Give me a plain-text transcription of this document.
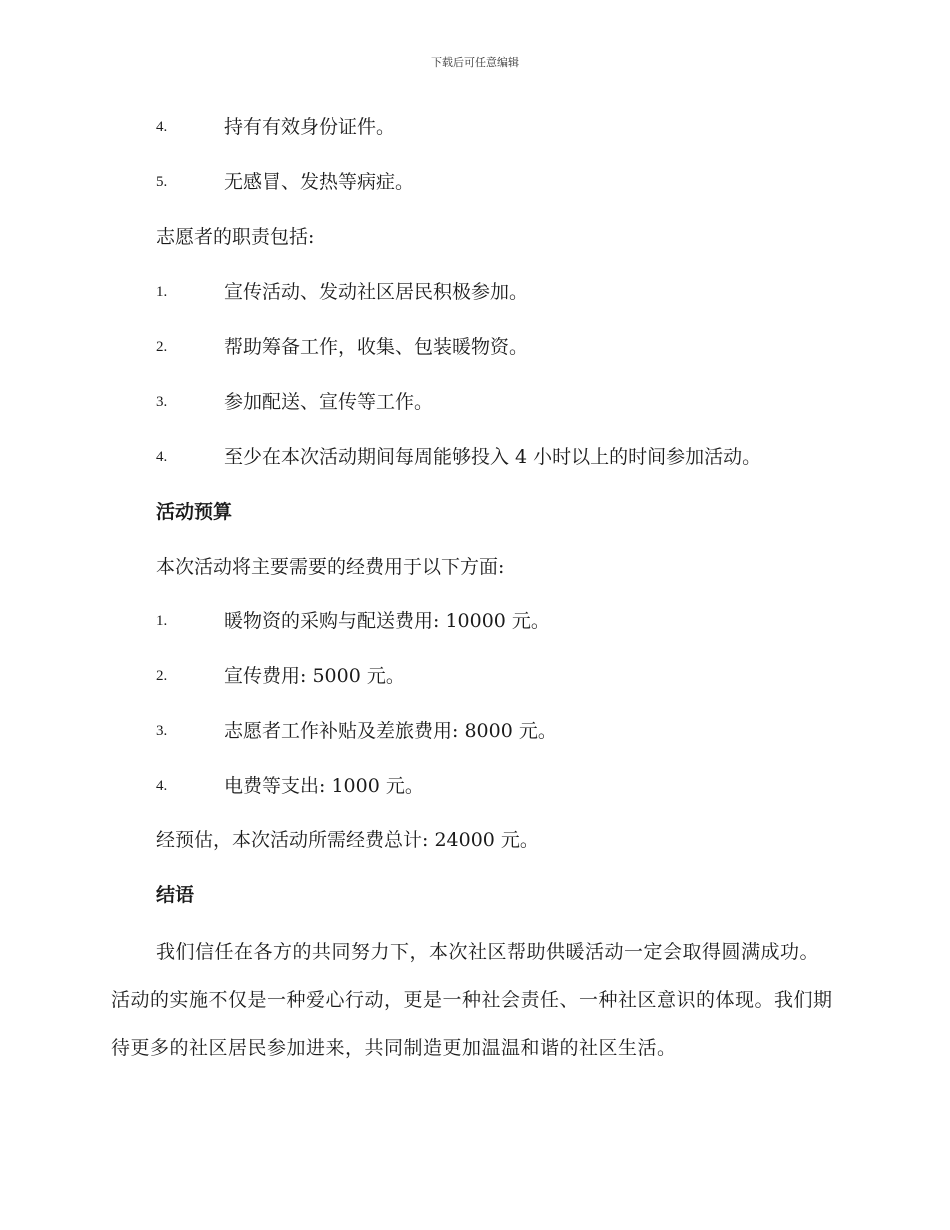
下载后可任意编辑
4.	持有有效身份证件。
5.	无感冒、发热等病症。
志愿者的职责包括:
1.	宣传活动、发动社区居民积极参加。
2.	帮助筹备工作，收集、包装暖物资。
3.	参加配送、宣传等工作。
4.	至少在本次活动期间每周能够投入 4 小时以上的时间参加活动。
活动预算
本次活动将主要需要的经费用于以下方面:
1.	暖物资的采购与配送费用: 10000 元。
2.	宣传费用: 5000 元。
3.	志愿者工作补贴及差旅费用: 8000 元。
4.	电费等支出: 1000 元。
经预估，本次活动所需经费总计: 24000 元。
结语
我们信任在各方的共同努力下，本次社区帮助供暖活动一定会取得圆满成功。活动的实施不仅是一种爱心行动，更是一种社会责任、一种社区意识的体现。我们期待更多的社区居民参加进来，共同制造更加温温和谐的社区生活。
